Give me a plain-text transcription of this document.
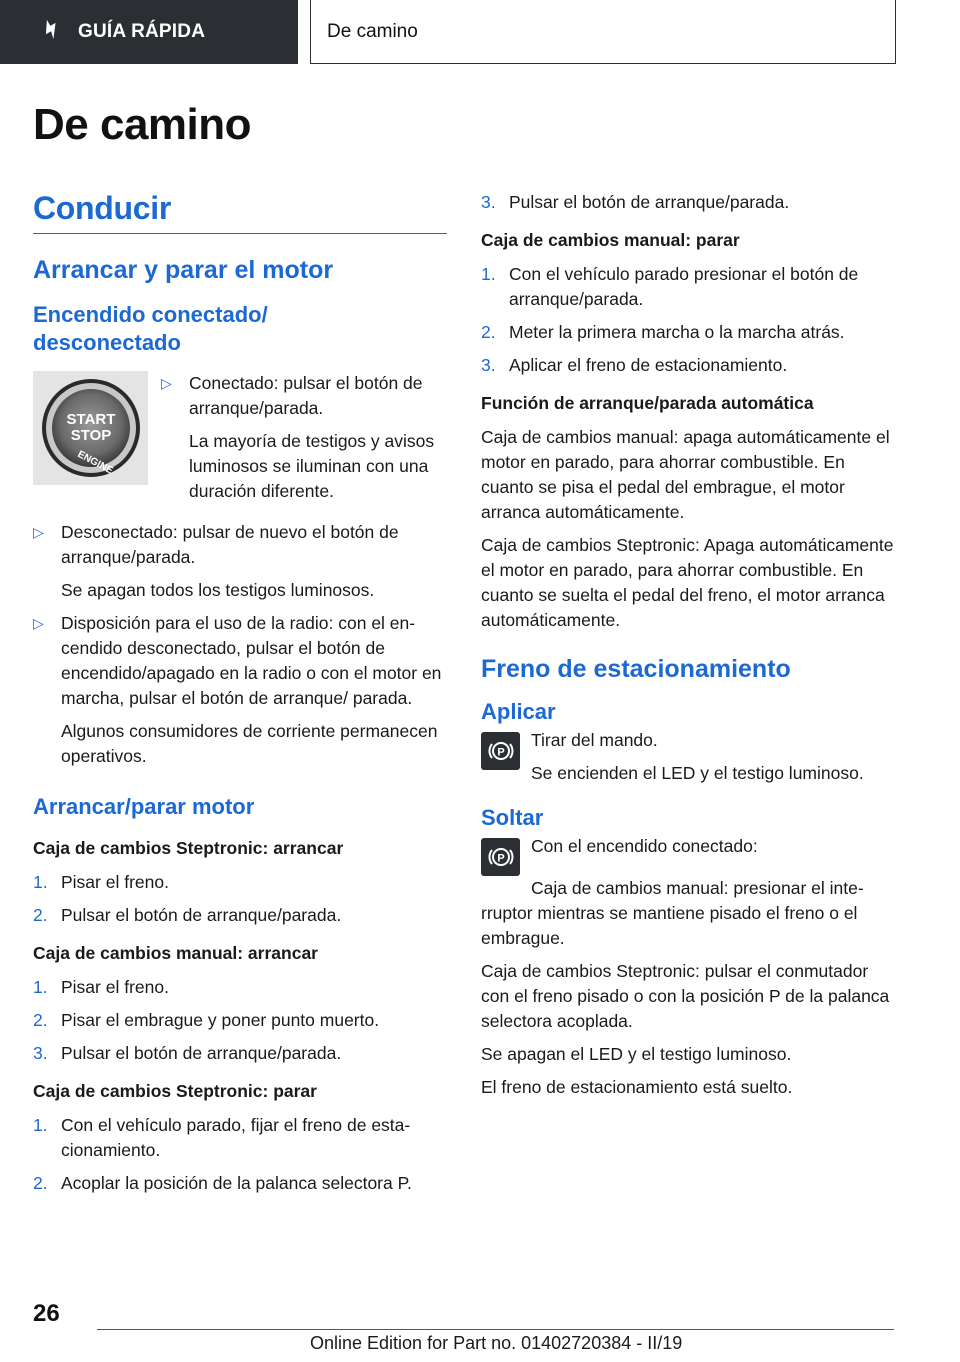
GUÍA RÁPIDA	De camino
De camino
Conducir
Arrancar y parar el motor
Encendido conectado/ desconectado
START
STOP
ENGINE
▷ Conectado: pulsar el botón de arranque/parada.

La mayoría de testigos y avisos luminosos se iluminan con una duración diferente.

▷ Desconectado: pulsar de nuevo el botón de arranque/parada.

Se apagan todos los testigos luminosos.

▷ Disposición para el uso de la radio: con el encendido desconectado, pulsar el botón de encendido/apagado en la radio o con el motor en marcha, pulsar el botón de arranque/ parada.

Algunos consumidores de corriente permanecen operativos.

Arrancar/parar motor
Caja de cambios Steptronic: arrancar
1. Pisar el freno.
2. Pulsar el botón de arranque/parada.
Caja de cambios manual: arrancar
1. Pisar el freno.
2. Pisar el embrague y poner punto muerto.
3. Pulsar el botón de arranque/parada.
Caja de cambios Steptronic: parar
1. Con el vehículo parado, fijar el freno de estacionamiento.
2. Acoplar la posición de la palanca selectora P.
3. Pulsar el botón de arranque/parada.
Caja de cambios manual: parar
1. Con el vehículo parado presionar el botón de arranque/parada.
2. Meter la primera marcha o la marcha atrás.
3. Aplicar el freno de estacionamiento.
Función de arranque/parada automática

Caja de cambios manual: apaga automáticamente el motor en parado, para ahorrar combustible. En cuanto se pisa el pedal del embrague, el motor arranca automáticamente.

Caja de cambios Steptronic: Apaga automáticamente el motor en parado, para ahorrar combustible. En cuanto se suelta el pedal del freno, el motor arranca automáticamente.

Freno de estacionamiento
Aplicar
P

Tirar del mando.

Se encienden el LED y el testigo luminoso.

Soltar
P

Con el encendido conectado:

Caja de cambios manual: presionar el interruptor mientras se mantiene pisado el freno o el embrague.

Caja de cambios Steptronic: pulsar el conmutador con el freno pisado o con la posición P de la palanca selectora acoplada.

Se apagan el LED y el testigo luminoso.

El freno de estacionamiento está suelto.

26
Online Edition for Part no. 01402720384 - II/19
